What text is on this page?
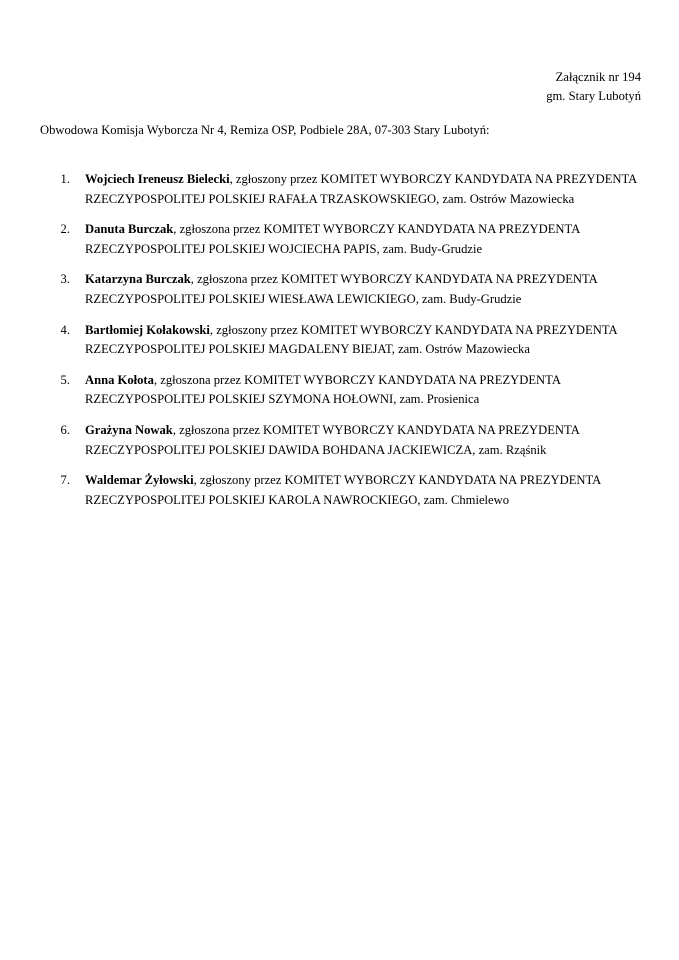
Załącznik nr 194
gm. Stary Lubotyń
Obwodowa Komisja Wyborcza Nr 4, Remiza OSP, Podbiele 28A, 07-303 Stary Lubotyń:
1. Wojciech Ireneusz Bielecki, zgłoszony przez KOMITET WYBORCZY KANDYDATA NA PREZYDENTA RZECZYPOSPOLITEJ POLSKIEJ RAFAŁA TRZASKOWSKIEGO, zam. Ostrów Mazowiecka
2. Danuta Burczak, zgłoszona przez KOMITET WYBORCZY KANDYDATA NA PREZYDENTA RZECZYPOSPOLITEJ POLSKIEJ WOJCIECHA PAPIS, zam. Budy-Grudzie
3. Katarzyna Burczak, zgłoszona przez KOMITET WYBORCZY KANDYDATA NA PREZYDENTA RZECZYPOSPOLITEJ POLSKIEJ WIESŁAWA LEWICKIEGO, zam. Budy-Grudzie
4. Bartłomiej Kołakowski, zgłoszony przez KOMITET WYBORCZY KANDYDATA NA PREZYDENTA RZECZYPOSPOLITEJ POLSKIEJ MAGDALENY BIEJAT, zam. Ostrów Mazowiecka
5. Anna Kołota, zgłoszona przez KOMITET WYBORCZY KANDYDATA NA PREZYDENTA RZECZYPOSPOLITEJ POLSKIEJ SZYMONA HOŁOWNI, zam. Prosienica
6. Grażyna Nowak, zgłoszona przez KOMITET WYBORCZY KANDYDATA NA PREZYDENTA RZECZYPOSPOLITEJ POLSKIEJ DAWIDA BOHDANA JACKIEWICZA, zam. Rząśnik
7. Waldemar Żyłowski, zgłoszony przez KOMITET WYBORCZY KANDYDATA NA PREZYDENTA RZECZYPOSPOLITEJ POLSKIEJ KAROLA NAWROCKIEGO, zam. Chmielewo
